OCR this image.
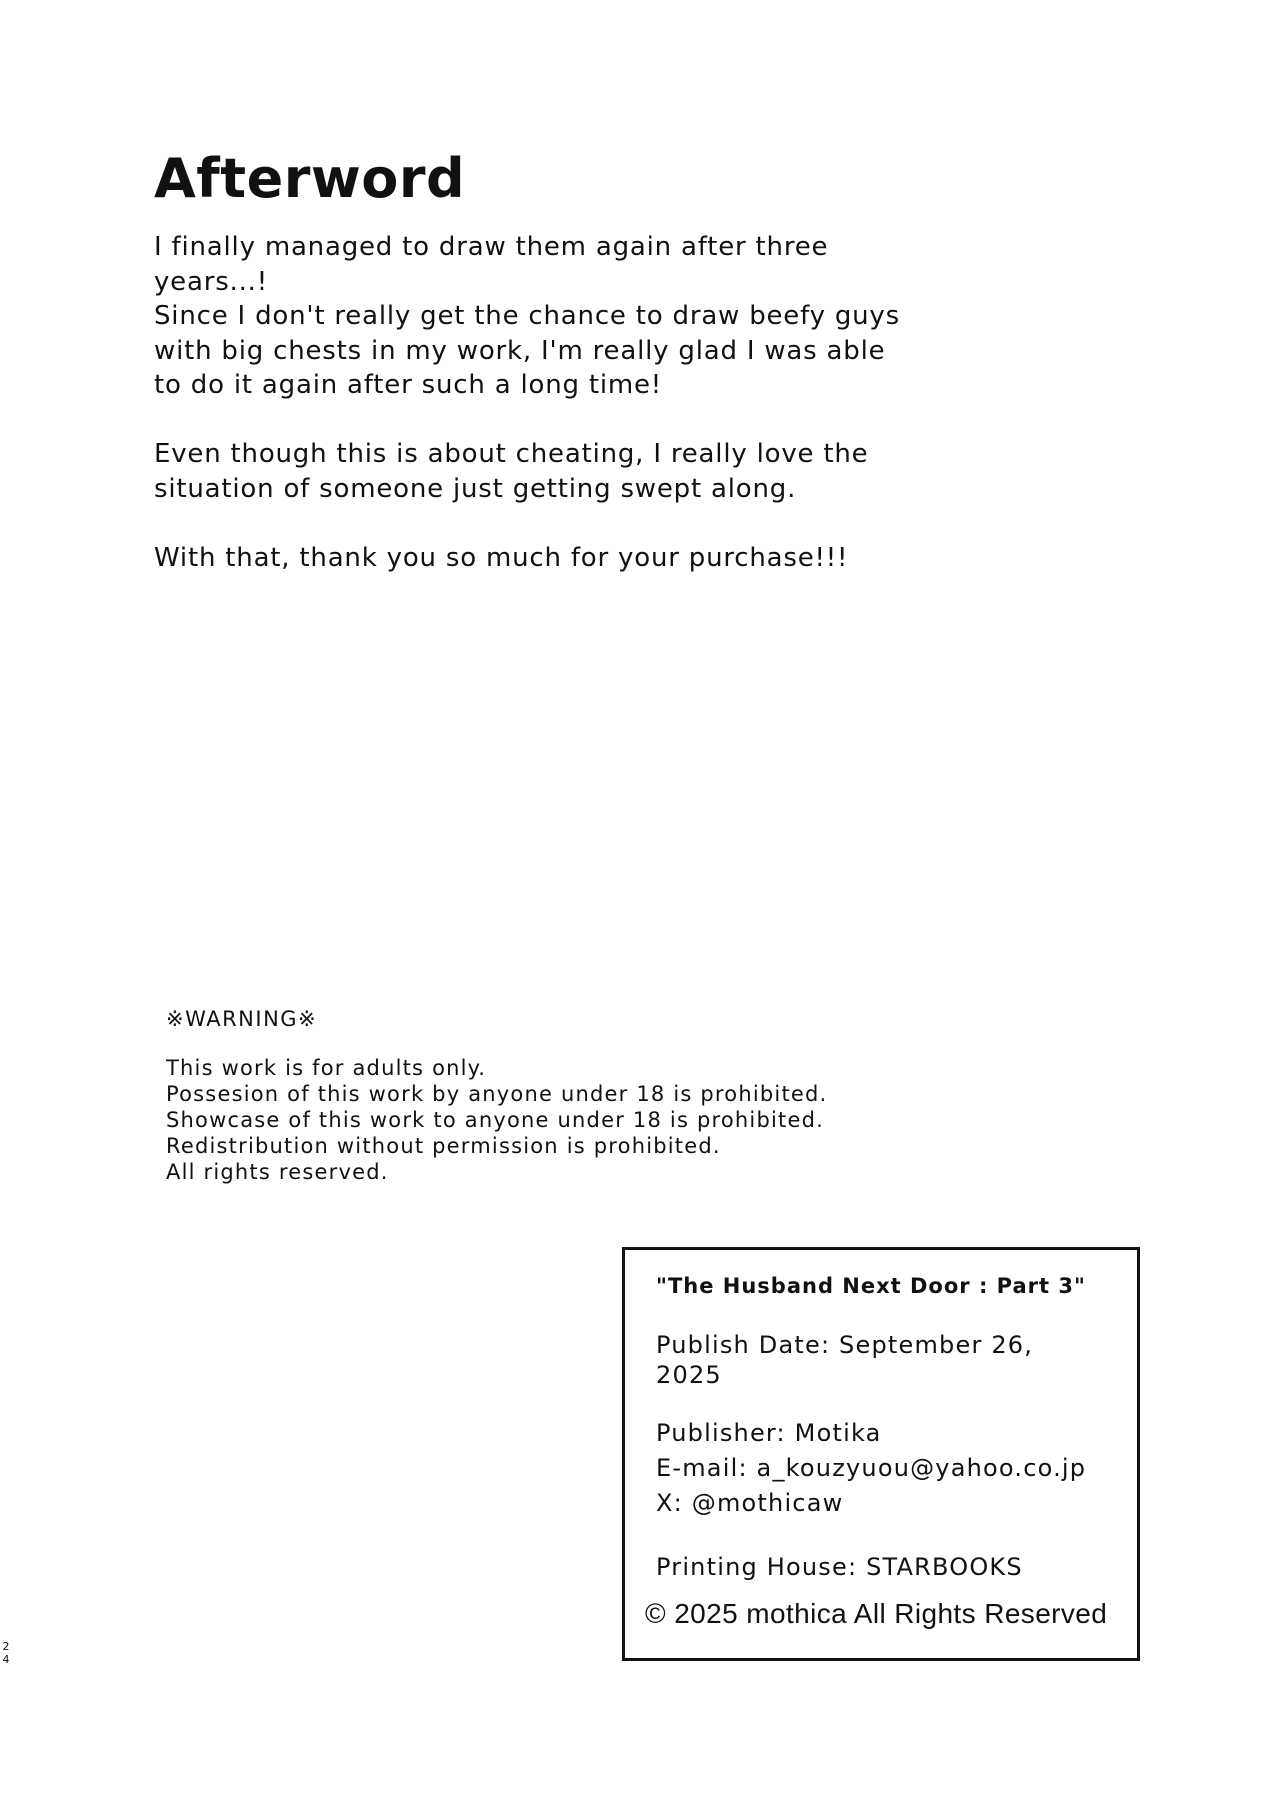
Afterword

I finally managed to draw them again after three
years...!
Since I don't really get the chance to draw beefy guys
with big chests in my work, I'm really glad I was able
to do it again after such a long time!

Even though this is about cheating, I really love the
situation of someone just getting swept along.

With that, thank you so much for your purchase!!!

※WARNING※

This work is for adults only.
Possesion of this work by anyone under 18 is prohibited.
Showcase of this work to anyone under 18 is prohibited.
Redistribution without permission is prohibited.
All rights reserved.

"The Husband Next Door : Part 3"

Publish Date: September 26, 2025
Publisher: Motika
E-mail: a_kouzyuou@yahoo.co.jp
X: @mothicaw
Printing House: STARBOOKS
© 2025 mothica All Rights Reserved
24
